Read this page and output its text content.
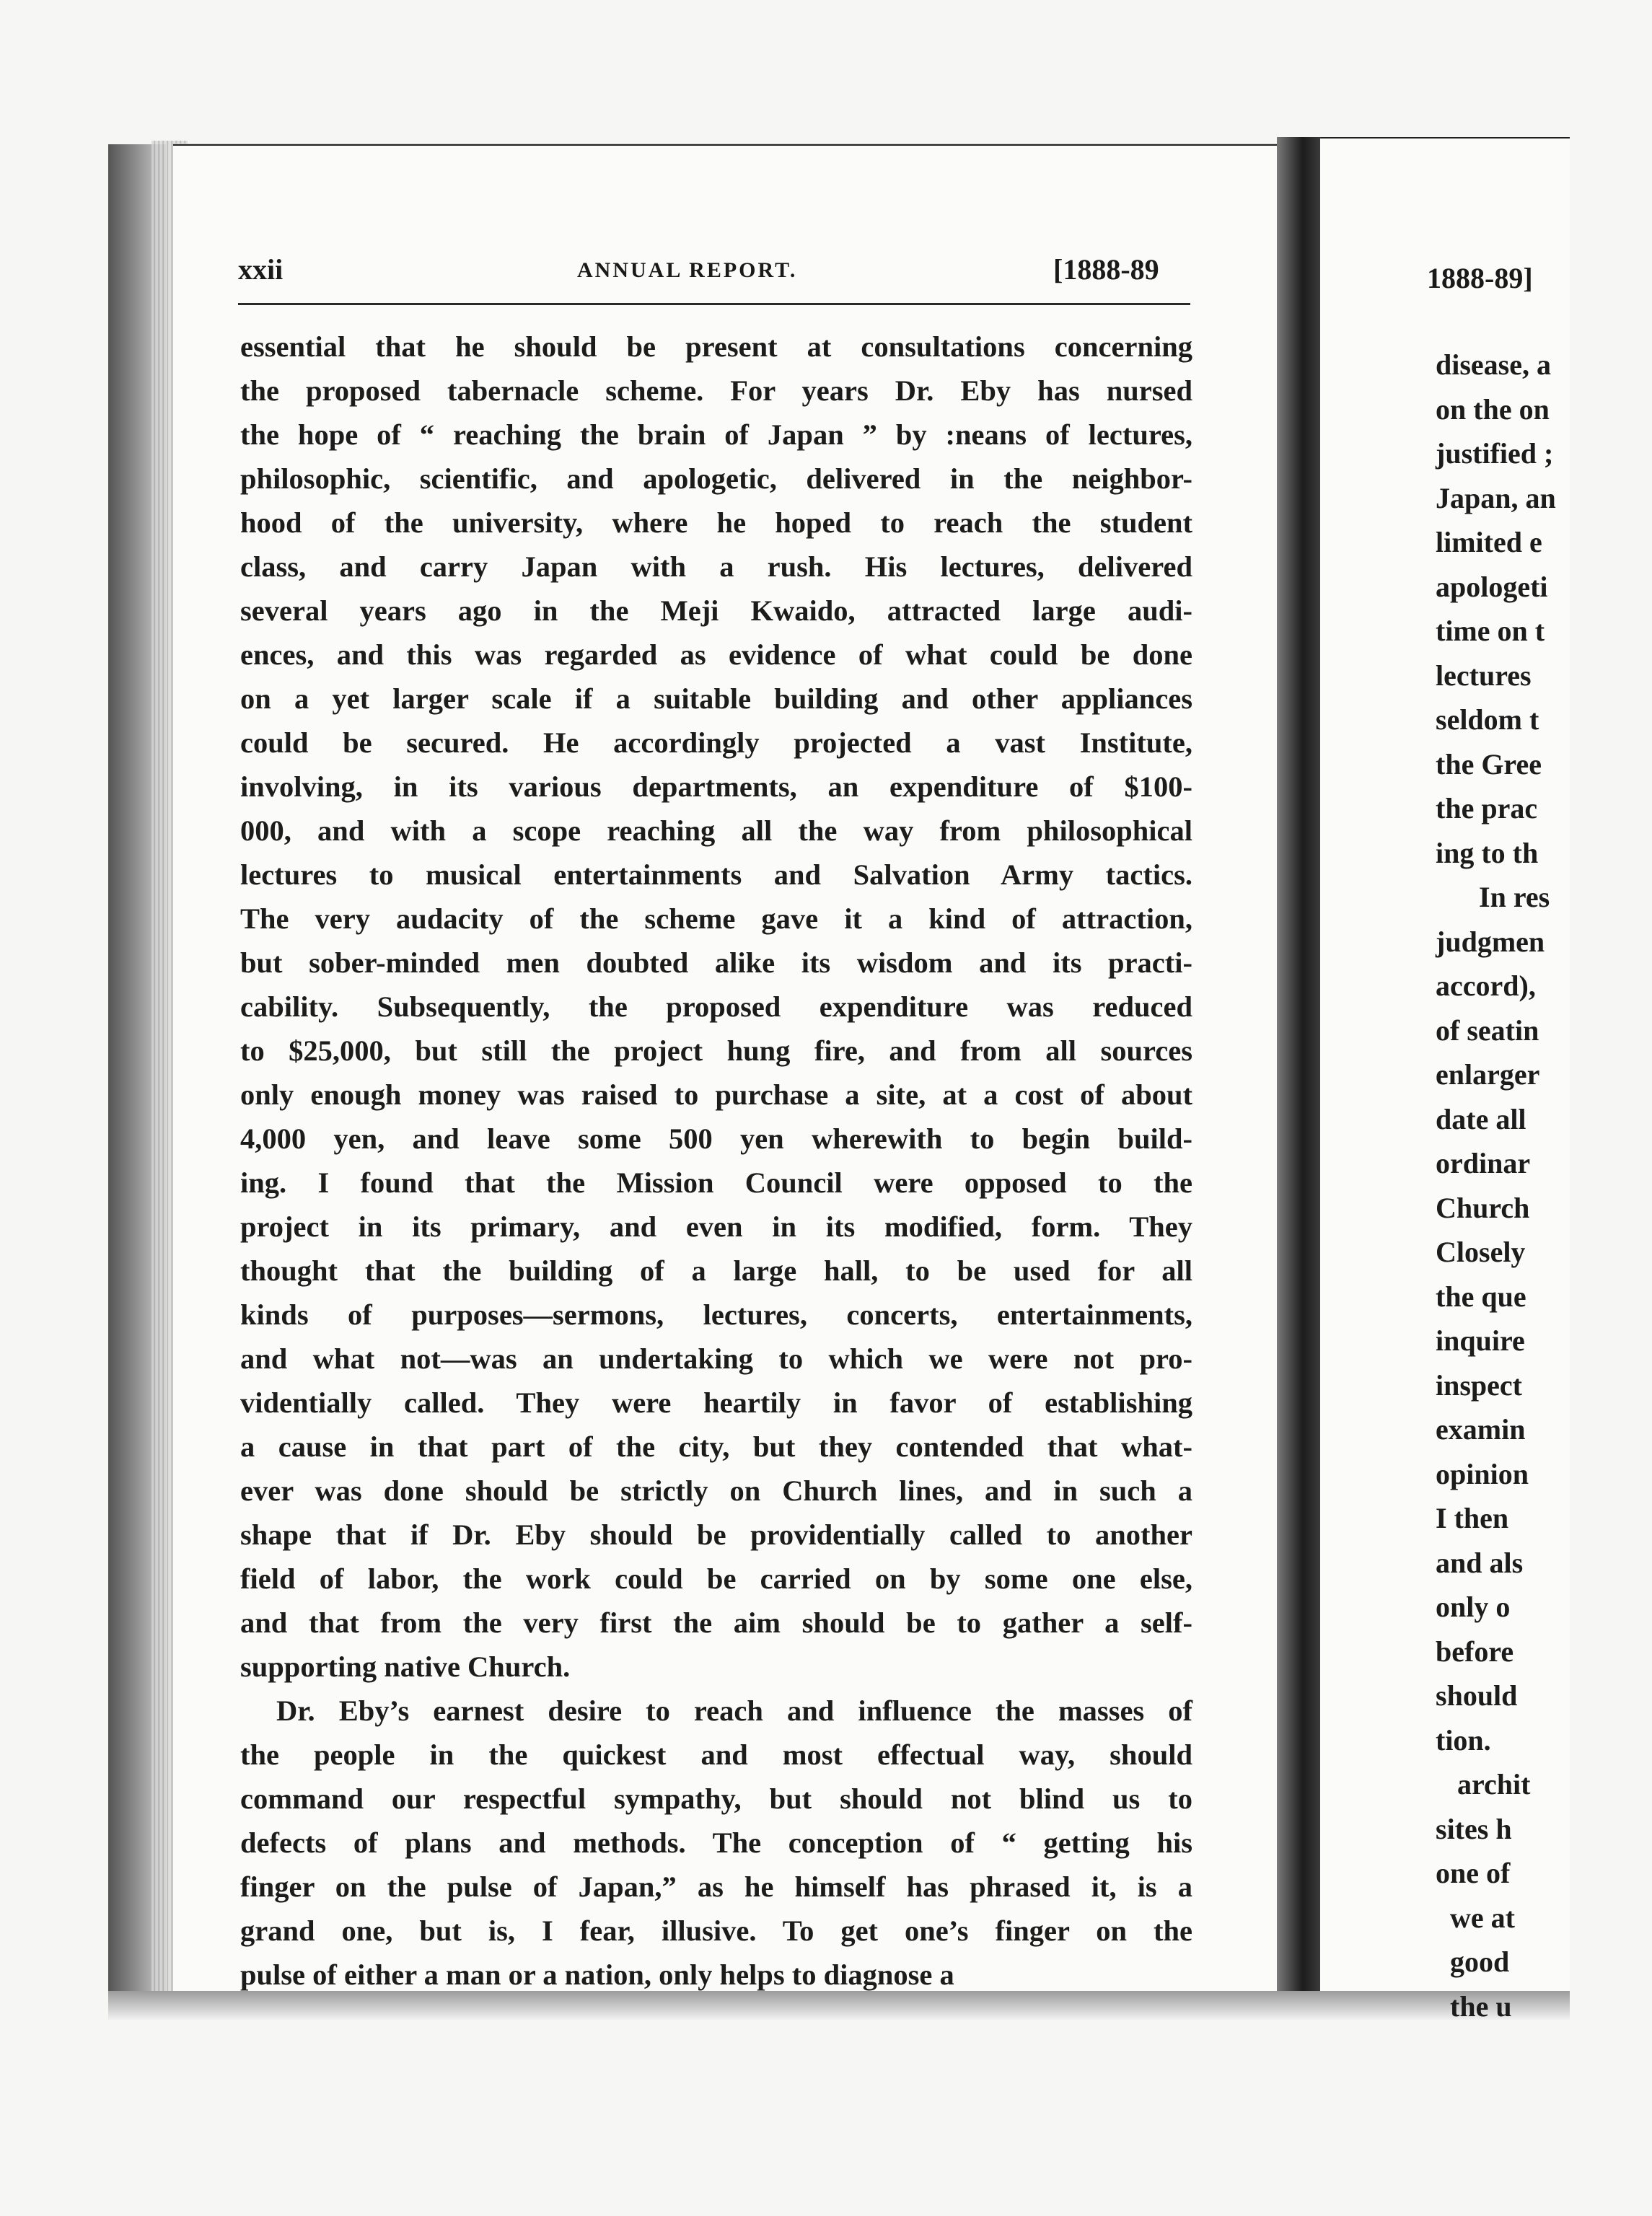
xxii	ANNUAL REPORT.	[1888-89
essential that he should be present at consultations concerning
the proposed tabernacle scheme. For years Dr. Eby has nursed
the hope of “ reaching the brain of Japan ” by :neans of lectures,
philosophic, scientific, and apologetic, delivered in the neighbor-
hood of the university, where he hoped to reach the student
class, and carry Japan with a rush. His lectures, delivered
several years ago in the Meji Kwaido, attracted large audi-
ences, and this was regarded as evidence of what could be done
on a yet larger scale if a suitable building and other appliances
could be secured. He accordingly projected a vast Institute,
involving, in its various departments, an expenditure of $100-
000, and with a scope reaching all the way from philosophical
lectures to musical entertainments and Salvation Army tactics.
The very audacity of the scheme gave it a kind of attraction,
but sober-minded men doubted alike its wisdom and its practi-
cability. Subsequently, the proposed expenditure was reduced
to $25,000, but still the project hung fire, and from all sources
only enough money was raised to purchase a site, at a cost of about
4,000 yen, and leave some 500 yen wherewith to begin build-
ing. I found that the Mission Council were opposed to the
project in its primary, and even in its modified, form. They
thought that the building of a large hall, to be used for all
kinds of purposes—sermons, lectures, concerts, entertainments,
and what not—was an undertaking to which we were not pro-
videntially called. They were heartily in favor of establishing
a cause in that part of the city, but they contended that what-
ever was done should be strictly on Church lines, and in such a
shape that if Dr. Eby should be providentially called to another
field of labor, the work could be carried on by some one else,
and that from the very first the aim should be to gather a self-
supporting native Church.
Dr. Eby’s earnest desire to reach and influence the masses of
the people in the quickest and most effectual way, should
command our respectful sympathy, but should not blind us to
defects of plans and methods. The conception of “ getting his
finger on the pulse of Japan,” as he himself has phrased it, is a
grand one, but is, I fear, illusive. To get one’s finger on the
pulse of either a man or a nation, only helps to diagnose a
1888-89]
disease, a
on the on
justified ;
Japan, an
limited e
apologeti
time on t
lectures
seldom t
the Gree
the prac
ing to th
In res
judgmen
accord),
of seatin
enlarger
date all
ordinar
Church
Closely
the que
inquire
inspect
examin
opinion
I then
and als
only o
before
should
tion.
archit
sites h
one of
we at
good
the u
